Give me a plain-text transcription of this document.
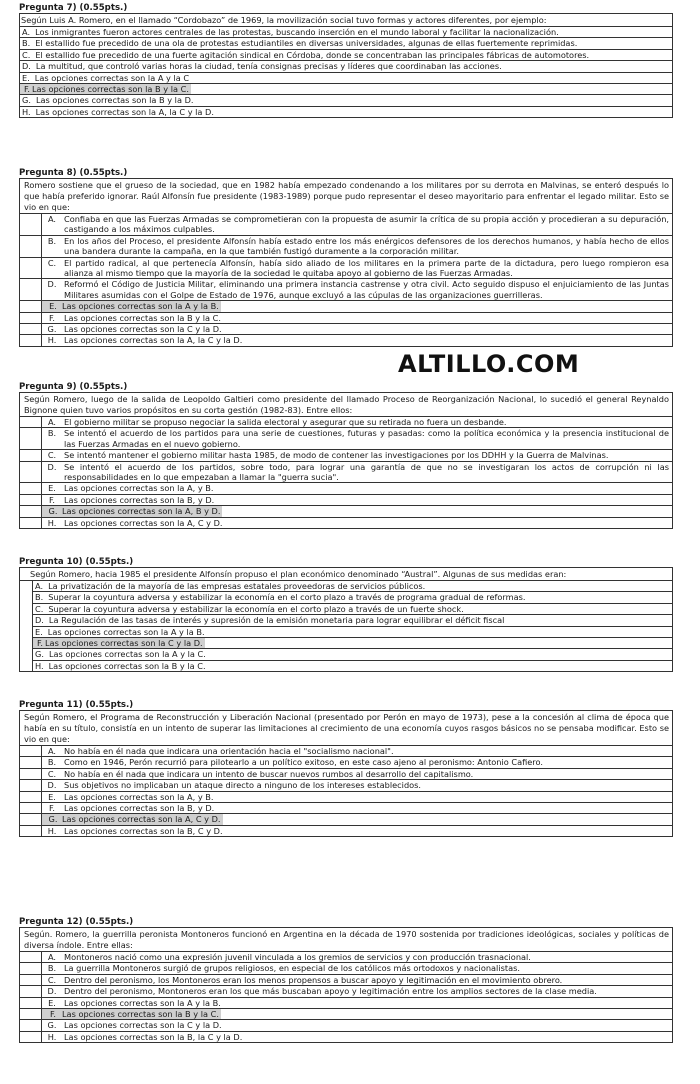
Pregunta 7) (0.55pts.)
Según Luis A. Romero, en el llamado “Cordobazo” de 1969, la movilización social tuvo formas y actores diferentes, por ejemplo:
A. Los inmigrantes fueron actores centrales de las protestas, buscando inserción en el mundo laboral y facilitar la nacionalización.
B. El estallido fue precedido de una ola de protestas estudiantiles en diversas universidades, algunas de ellas fuertemente reprimidas.
C. El estallido fue precedido de una fuerte agitación sindical en Córdoba, donde se concentraban las principales fábricas de automotores.
D. La multitud, que controló varias horas la ciudad, tenía consignas precisas y líderes que coordinaban las acciones.
E. Las opciones correctas son la A y la C
F. Las opciones correctas son la B y la C.
G. Las opciones correctas son la B y la D.
H. Las opciones correctas son la A, la C y la D.
Pregunta 8) (0.55pts.)
Romero sostiene que el grueso de la sociedad, que en 1982 había empezado condenando a los militares por su derrota en Malvinas, se enteró después lo que había preferido ignorar. Raúl Alfonsín fue presidente (1983-1989) porque pudo representar el deseo mayoritario para enfrentar el legado militar. Esto se vio en que:
A. Confiaba en que las Fuerzas Armadas se comprometieran con la propuesta de asumir la crítica de su propia acción y procedieran a su depuración, castigando a los máximos culpables.
B. En los años del Proceso, el presidente Alfonsín había estado entre los más enérgicos defensores de los derechos humanos, y había hecho de ellos una bandera durante la campaña, en la que también fustigó duramente a la corporación militar.
C. El partido radical, al que pertenecía Alfonsín, había sido aliado de los militares en la primera parte de la dictadura, pero luego rompieron esa alianza al mismo tiempo que la mayoría de la sociedad le quitaba apoyo al gobierno de las Fuerzas Armadas.
D. Reformó el Código de Justicia Militar, eliminando una primera instancia castrense y otra civil. Acto seguido dispuso el enjuiciamiento de las Juntas Militares asumidas con el Golpe de Estado de 1976, aunque excluyó a las cúpulas de las organizaciones guerrilleras.
E. Las opciones correctas son la A y la B.
F.	Las opciones correctas son la B y la C.
G. Las opciones correctas son la C y la D.
H. Las opciones correctas son la A, la C y la D.
Pregunta 9) (0.55pts.)
Según Romero, luego de la salida de Leopoldo Galtieri como presidente del llamado Proceso de Reorganización Nacional, lo sucedió el general Reynaldo Bignone quien tuvo varios propósitos en su corta gestión (1982-83). Entre ellos:
A. El gobierno militar se propuso negociar la salida electoral y asegurar que su retirada no fuera un desbande.
B. Se intentó el acuerdo de los partidos para una serie de cuestiones, futuras y pasadas: como la política económica y la presencia institucional de las Fuerzas Armadas en el nuevo gobierno.
C. Se intentó mantener el gobierno militar hasta 1985, de modo de contener las investigaciones por los DDHH y la Guerra de Malvinas.
D. Se intentó el acuerdo de los partidos, sobre todo, para lograr una garantía de que no se investigaran los actos de corrupción ni las responsabilidades en lo que empezaban a llamar la "guerra sucia".
E. Las opciones correctas son la A, y B.
F.	Las opciones correctas son la B, y D.
G. Las opciones correctas son la A, B y D.
H. Las opciones correctas son la A, C y D.
Pregunta 10) (0.55pts.)
Según Romero, hacia 1985 el presidente Alfonsín propuso el plan económico denominado “Austral”. Algunas de sus medidas eran:
A. La privatización de la mayoría de las empresas estatales proveedoras de servicios públicos.
B. Superar la coyuntura adversa y estabilizar la economía en el corto plazo a través de programa gradual de reformas.
C. Superar la coyuntura adversa y estabilizar la economía en el corto plazo a través de un fuerte shock.
D. La Regulación de las tasas de interés y supresión de la emisión monetaria para lograr equilibrar el déficit fiscal
E. Las opciones correctas son la A y la B.
F. Las opciones correctas son la C y la D.
G. Las opciones correctas son la A y la C.
H. Las opciones correctas son la B y la C.
Pregunta 11) (0.55pts.)
Según Romero, el Programa de Reconstrucción y Liberación Nacional (presentado por Perón en mayo de 1973), pese a la concesión al clima de época que había en su título, consistía en un intento de superar las limitaciones al crecimiento de una economía cuyos rasgos básicos no se pensaba modificar. Esto se vio en que:
A. No había en él nada que indicara una orientación hacia el "socialismo nacional".
B. Como en 1946, Perón recurrió para pilotearlo a un político exitoso, en este caso ajeno al peronismo: Antonio Cafiero.
C. No había en él nada que indicara un intento de buscar nuevos rumbos al desarrollo del capitalismo.
D. Sus objetivos no implicaban un ataque directo a ninguno de los intereses establecidos.
E. Las opciones correctas son la A, y B.
F.	Las opciones correctas son la B, y D.
G. Las opciones correctas son la A, C y D.
H. Las opciones correctas son la B, C y D.
Pregunta 12) (0.55pts.)
Según. Romero, la guerrilla peronista Montoneros funcionó en Argentina en la década de 1970 sostenida por tradiciones ideológicas, sociales y políticas de diversa índole. Entre ellas:
A. Montoneros nació como una expresión juvenil vinculada a los gremios de servicios y con producción trasnacional.
B. La guerrilla Montoneros surgió de grupos religiosos, en especial de los católicos más ortodoxos y nacionalistas.
C. Dentro del peronismo, los Montoneros eran los menos propensos a buscar apoyo y legitimación en el movimiento obrero.
D. Dentro del peronismo, Montoneros eran los que más buscaban apoyo y legitimación entre los amplios sectores de la clase media.
E. Las opciones correctas son la A y la B.
F. Las opciones correctas son la B y la C.
G. Las opciones correctas son la C y la D.
H. Las opciones correctas son la B, la C y la D.
ALTILLO.COM
